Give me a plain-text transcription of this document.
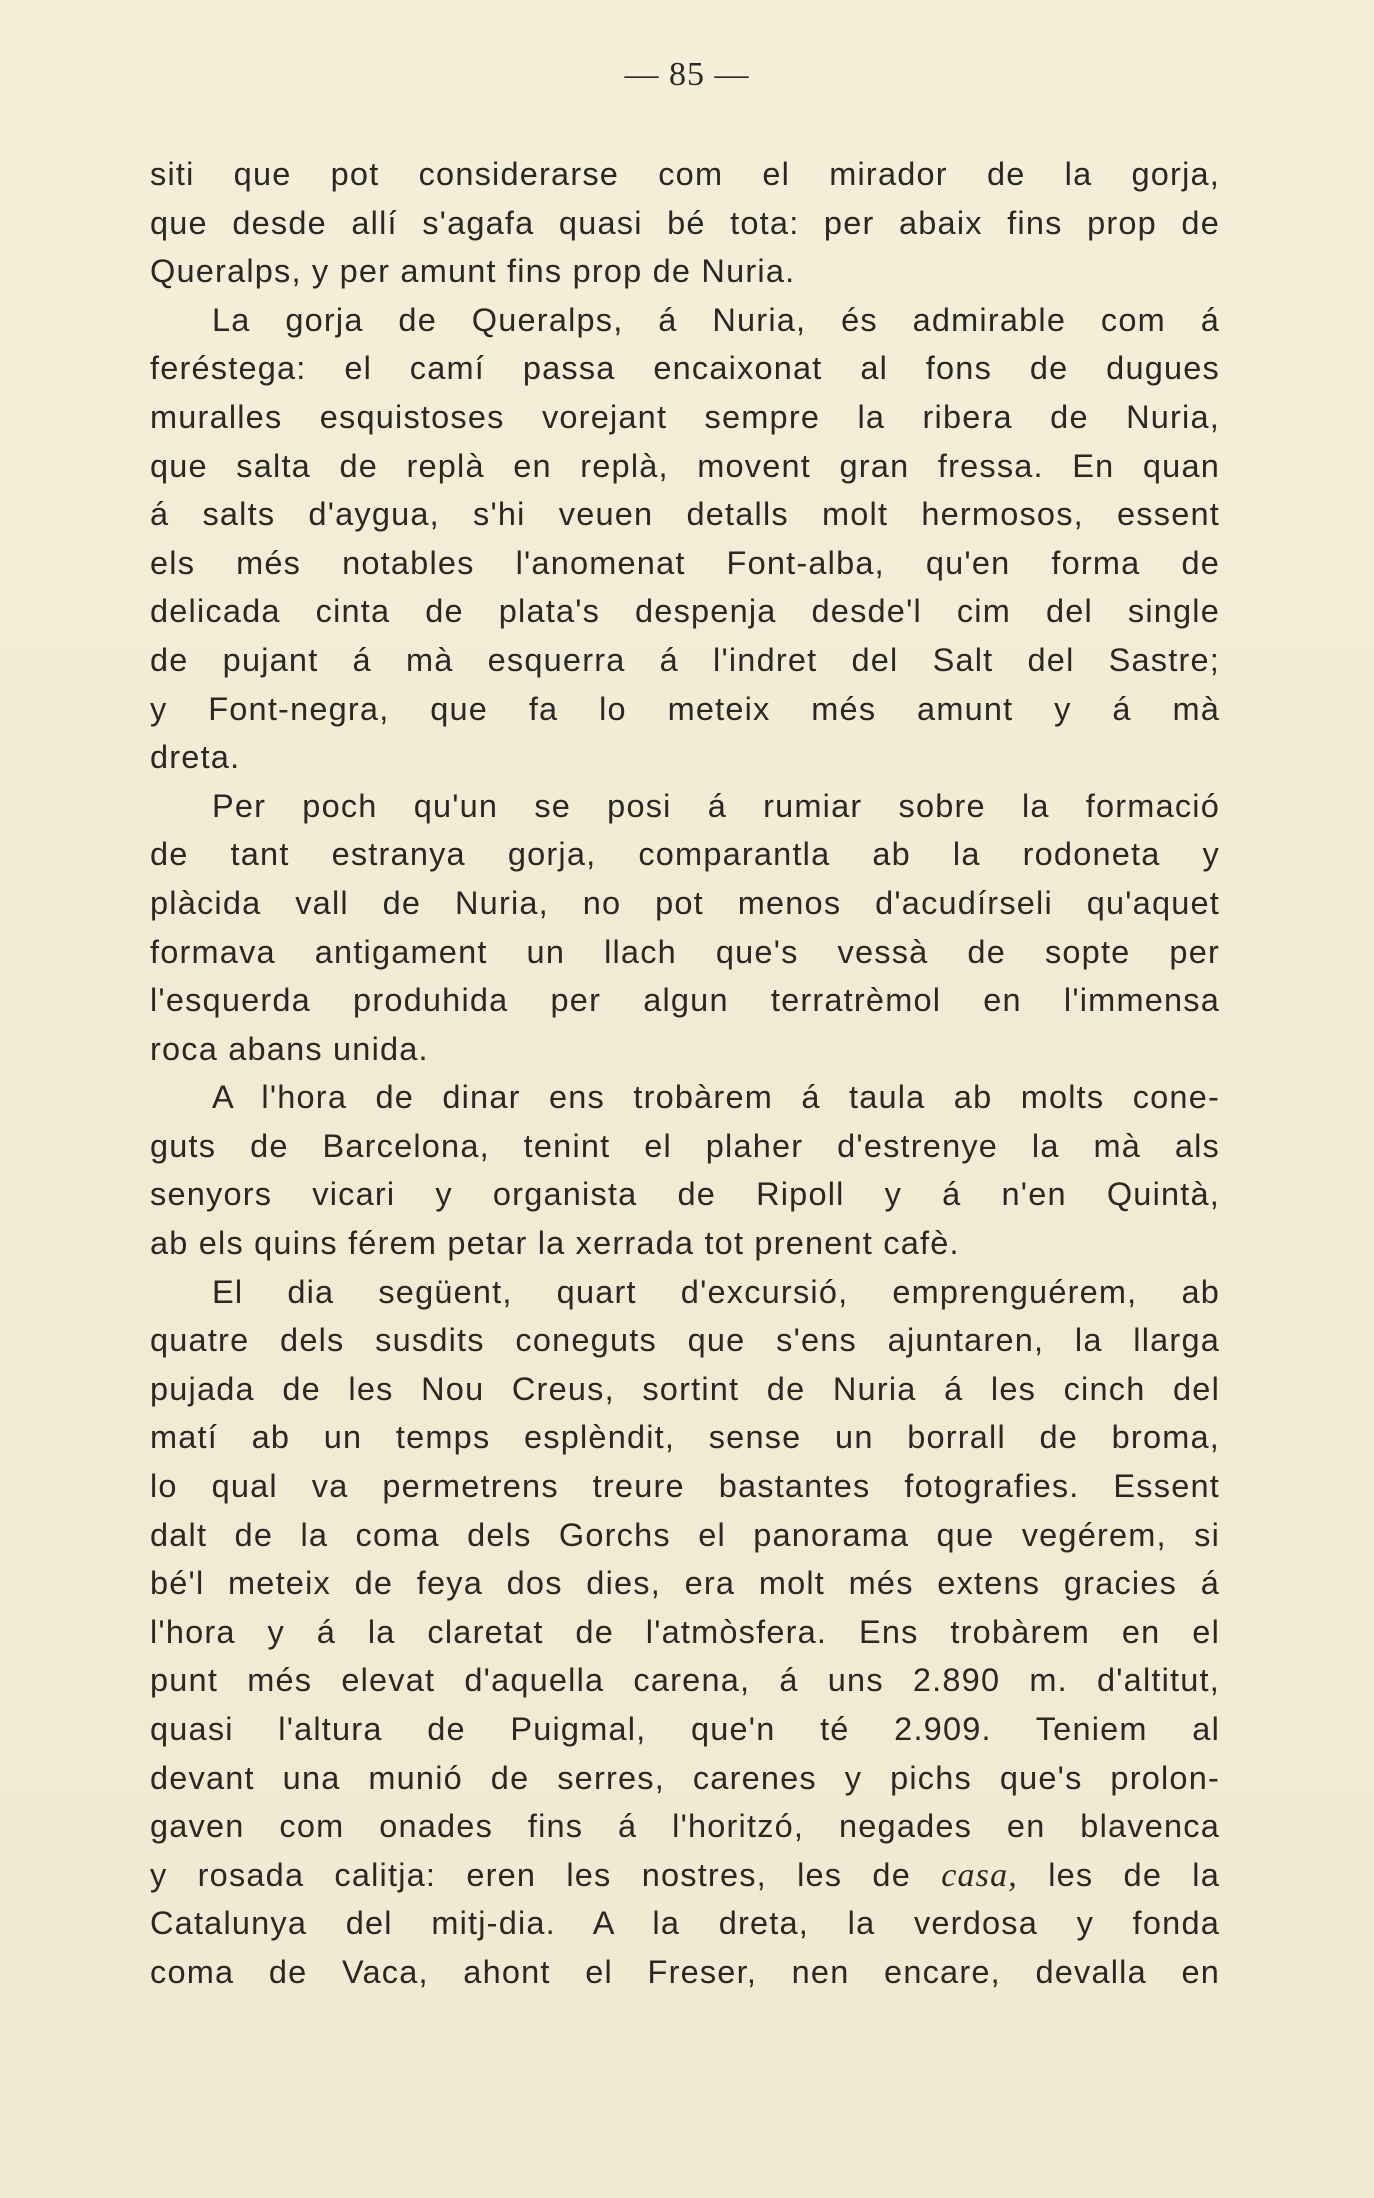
— 85 —
siti que pot considerarse com el mirador de la gorja,
que desde allí s'agafa quasi bé tota: per abaix fins prop de
Queralps, y per amunt fins prop de Nuria.
La gorja de Queralps, á Nuria, és admirable com á
feréstega: el camí passa encaixonat al fons de dugues
muralles esquistoses vorejant sempre la ribera de Nuria,
que salta de replà en replà, movent gran fressa. En quan
á salts d'aygua, s'hi veuen detalls molt hermosos, essent
els més notables l'anomenat Font-alba, qu'en forma de
delicada cinta de plata's despenja desde'l cim del single
de pujant á mà esquerra á l'indret del Salt del Sastre;
y Font-negra, que fa lo meteix més amunt y á mà
dreta.
Per poch qu'un se posi á rumiar sobre la formació
de tant estranya gorja, comparantla ab la rodoneta y
plàcida vall de Nuria, no pot menos d'acudírseli qu'aquet
formava antigament un llach que's vessà de sopte per
l'esquerda produhida per algun terratrèmol en l'immensa
roca abans unida.
A l'hora de dinar ens trobàrem á taula ab molts cone-
guts de Barcelona, tenint el plaher d'estrenye la mà als
senyors vicari y organista de Ripoll y á n'en Quintà,
ab els quins férem petar la xerrada tot prenent cafè.
El dia següent, quart d'excursió, emprenguérem, ab
quatre dels susdits coneguts que s'ens ajuntaren, la llarga
pujada de les Nou Creus, sortint de Nuria á les cinch del
matí ab un temps esplèndit, sense un borrall de broma,
lo qual va permetrens treure bastantes fotografies. Essent
dalt de la coma dels Gorchs el panorama que vegérem, si
bé'l meteix de feya dos dies, era molt més extens gracies á
l'hora y á la claretat de l'atmòsfera. Ens trobàrem en el
punt més elevat d'aquella carena, á uns 2.890 m. d'altitut,
quasi l'altura de Puigmal, que'n té 2.909. Teniem al
devant una munió de serres, carenes y pichs que's prolon-
gaven com onades fins á l'horitzó, negades en blavenca
y rosada calitja: eren les nostres, les de casa, les de la
Catalunya del mitj-dia. A la dreta, la verdosa y fonda
coma de Vaca, ahont el Freser, nen encare, devalla en
